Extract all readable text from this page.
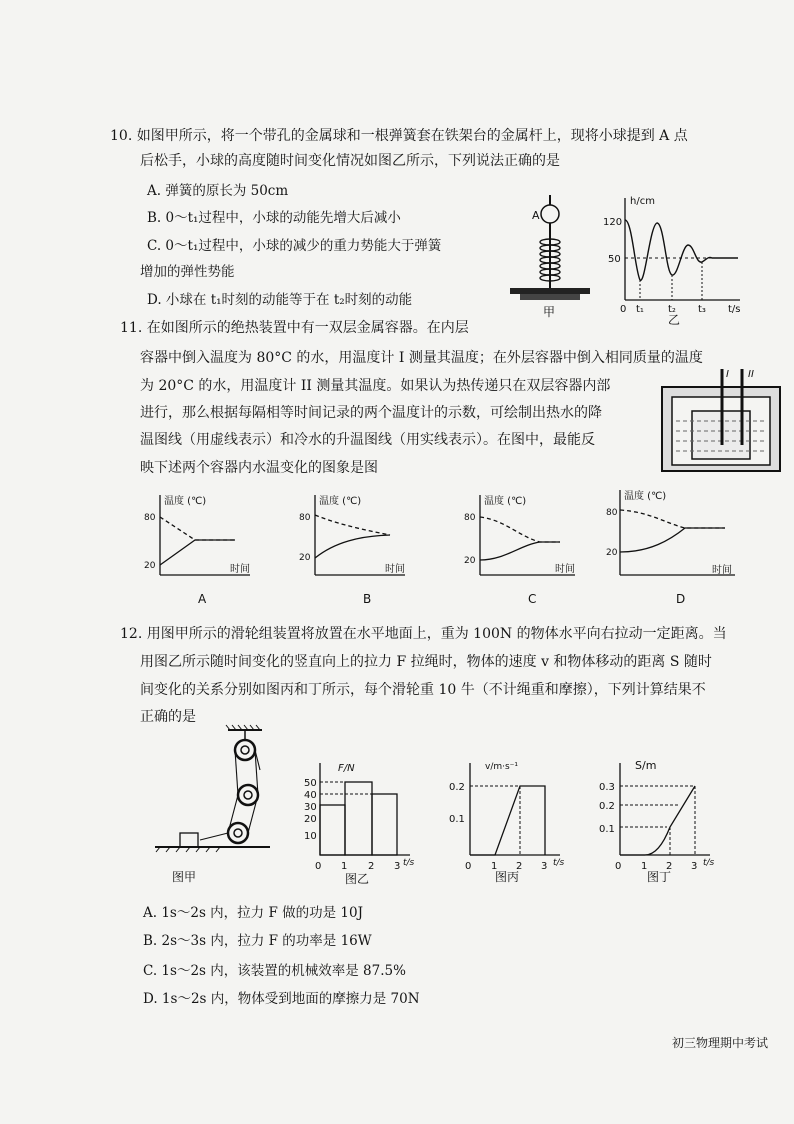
10. 如图甲所示，将一个带孔的金属球和一根弹簧套在铁架台的金属杆上，现将小球提到 A 点
后松手，小球的高度随时间变化情况如图乙所示，下列说法正确的是
A. 弹簧的原长为 50cm
B. 0～t₁过程中，小球的动能先增大后减小
C. 0～t₁过程中，小球的减少的重力势能大于弹簧
增加的弹性势能
D. 小球在 t₁时刻的动能等于在 t₂时刻的动能
A
甲
h/cm
120
50
0 t₁ t₂ t₃ t/s
乙
11. 在如图所示的绝热装置中有一双层金属容器。在内层
容器中倒入温度为 80°C 的水，用温度计 I 测量其温度；在外层容器中倒入相同质量的温度
为 20°C 的水，用温度计 II 测量其温度。如果认为热传递只在双层容器内部
进行，那么根据每隔相等时间记录的两个温度计的示数，可绘制出热水的降
温图线（用虚线表示）和冷水的升温图线（用实线表示）。在图中，最能反
映下述两个容器内水温变化的图象是图
I II
温度 (℃)
80
20	时间
A
温度 (℃)
80
20
时间
B
温度 (℃)
80
20
时间
C
温度 (℃)
80
20
时间
D
12. 用图甲所示的滑轮组装置将放置在水平地面上，重为 100N 的物体水平向右拉动一定距离。当
用图乙所示随时间变化的竖直向上的拉力 F 拉绳时，物体的速度 v 和物体移动的距离 S 随时
间变化的关系分别如图丙和丁所示，每个滑轮重 10 牛（不计绳重和摩擦），下列计算结果不
正确的是
图甲
F/N
50
40
30
20
10
0 1 2 3 t/s
图乙
v/m·s⁻¹
0.2
0.1
0 1 2 3 t/s
图丙
S/m
0.3
0.2
0.1
0 1 2 3 t/s
图丁
A. 1s～2s 内，拉力 F 做的功是 10J
B. 2s～3s 内，拉力 F 的功率是 16W
C. 1s～2s 内，该装置的机械效率是 87.5%
D. 1s～2s 内，物体受到地面的摩擦力是 70N
初三物理期中考试
